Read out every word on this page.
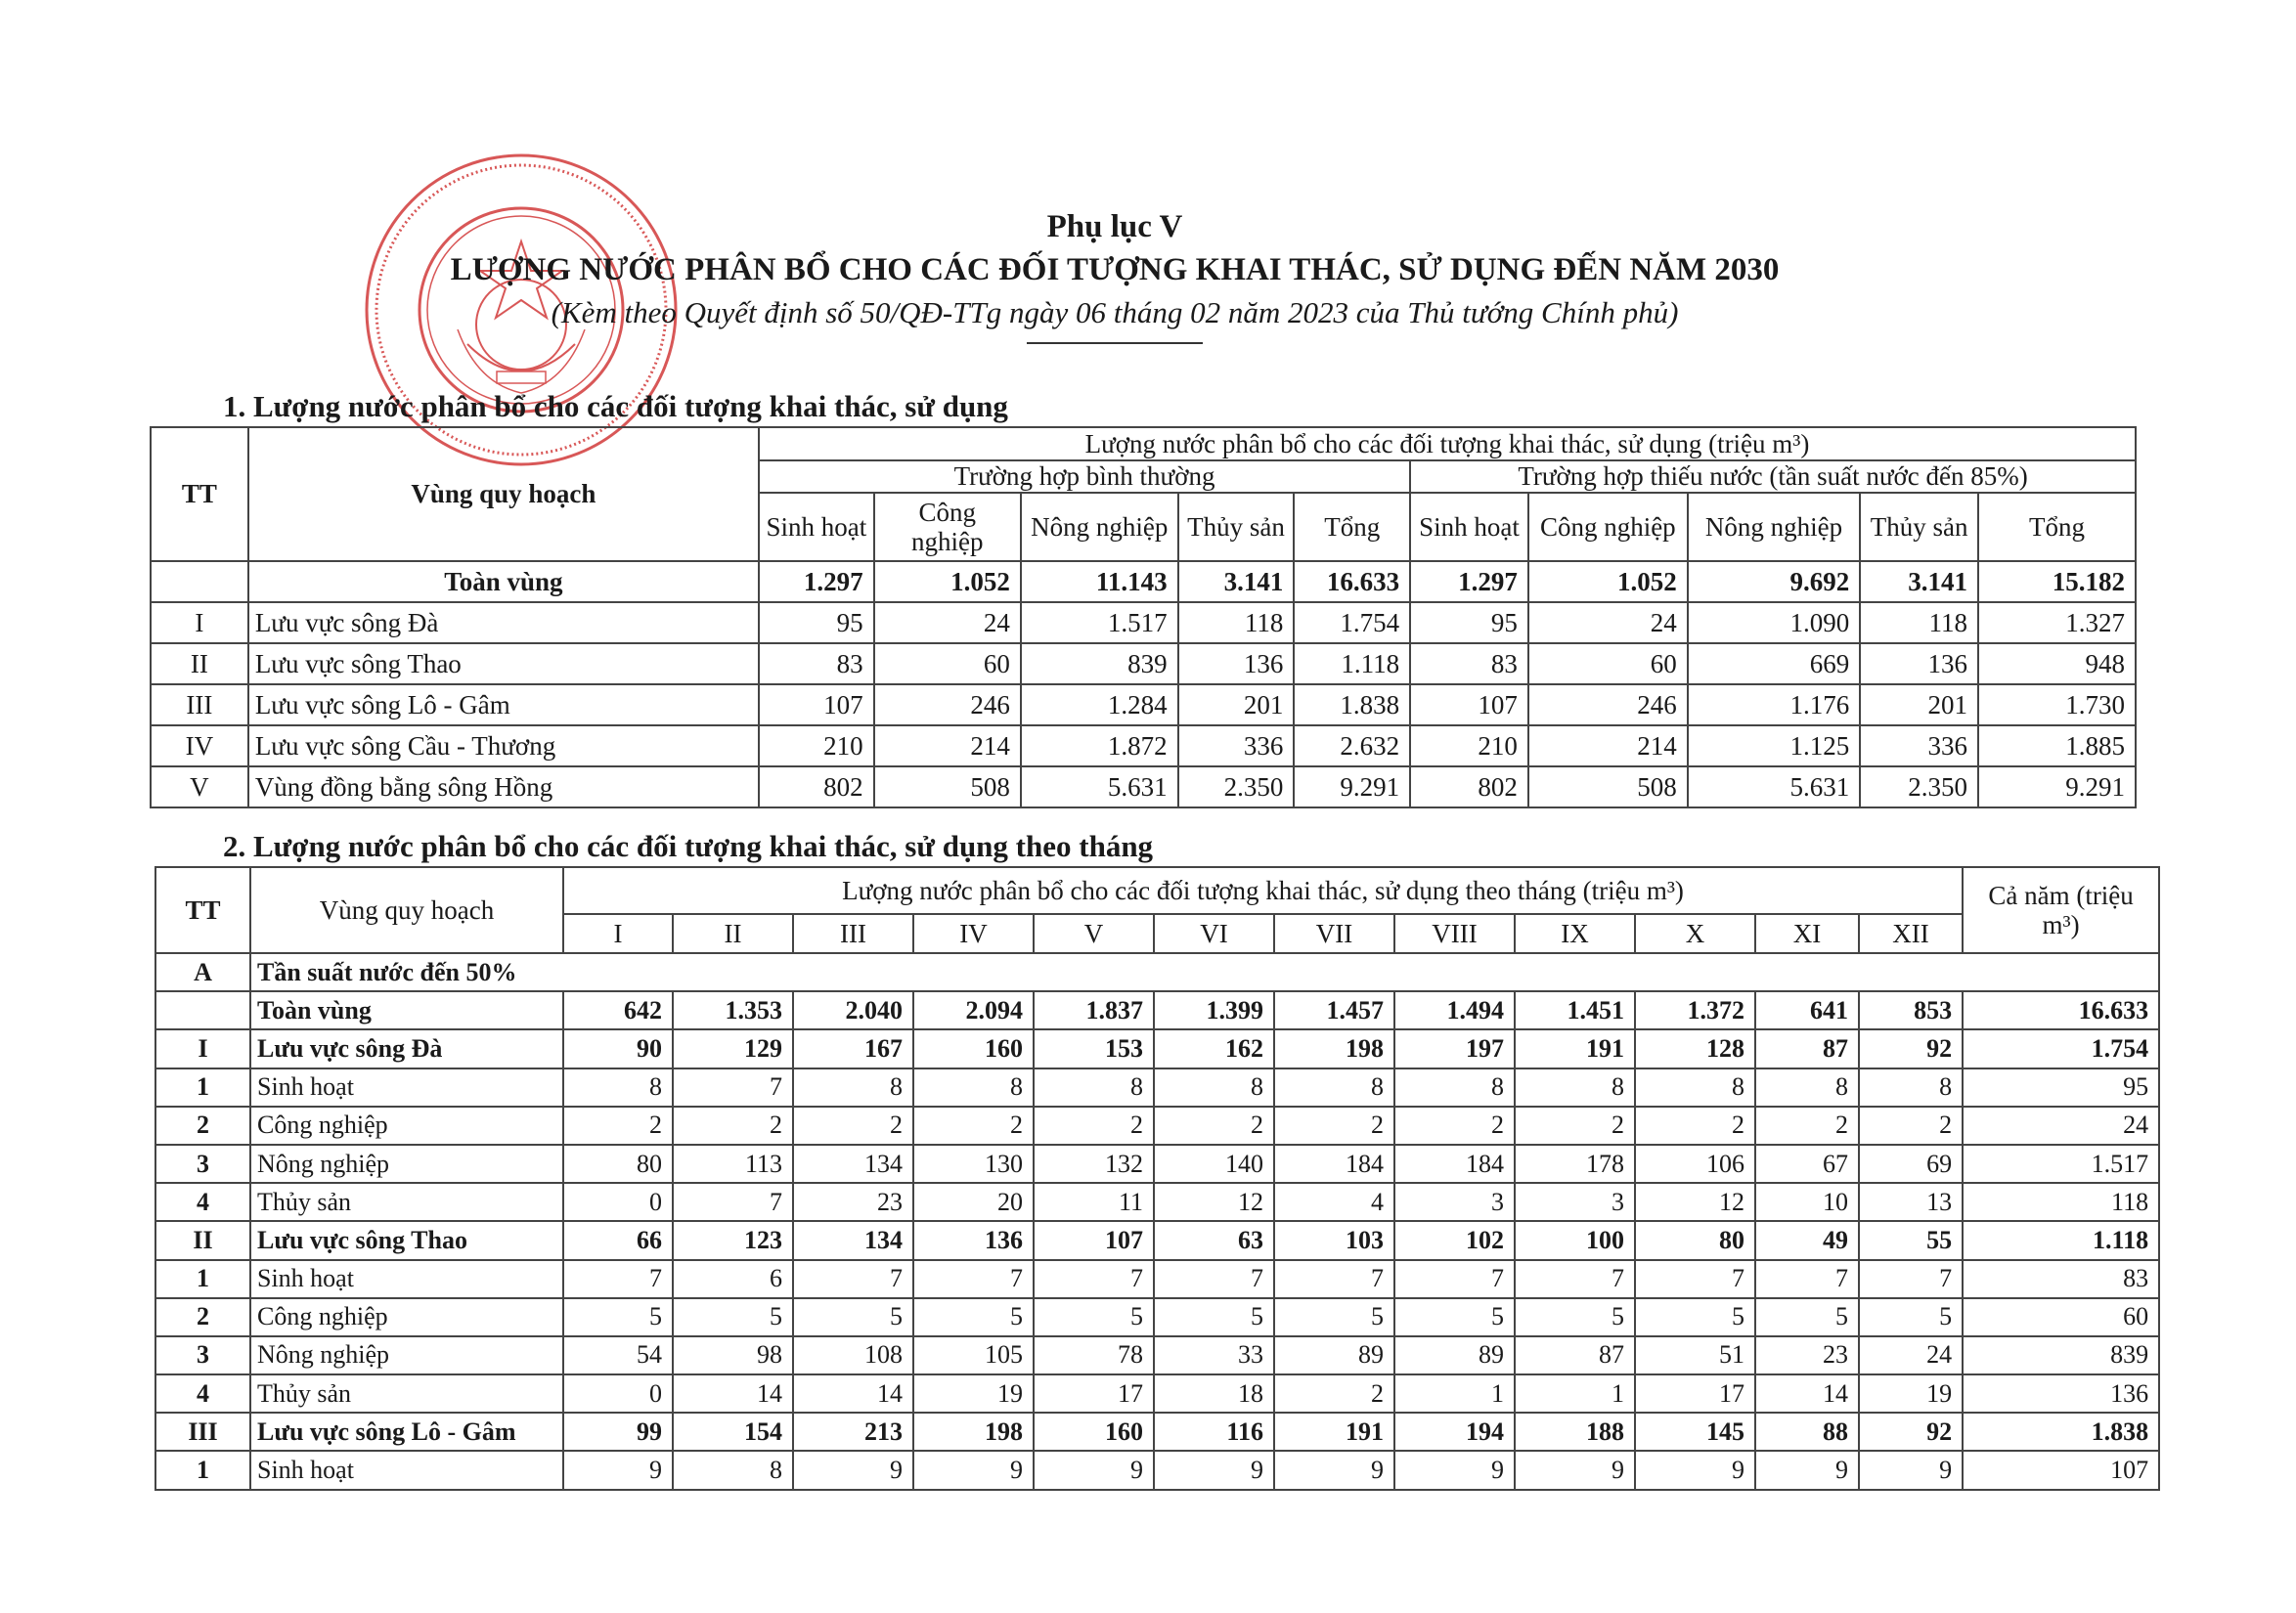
Phụ lục V
LƯỢNG NƯỚC PHÂN BỔ CHO CÁC ĐỐI TƯỢNG KHAI THÁC, SỬ DỤNG ĐẾN NĂM 2030
(Kèm theo Quyết định số 50/QĐ-TTg ngày 06 tháng 02 năm 2023 của Thủ tướng Chính phủ)
1. Lượng nước phân bổ cho các đối tượng khai thác, sử dụng
TT	Vùng quy hoạch	Lượng nước phân bổ cho các đối tượng khai thác, sử dụng (triệu m³)									
		Trường hợp bình thường					Trường hợp thiếu nước (tần suất nước đến 85%)				
		Sinh hoạt	Công nghiệp	Nông nghiệp	Thủy sản	Tổng	Sinh hoạt	Công nghiệp	Nông nghiệp	Thủy sản	Tổng
	Toàn vùng	1.297	1.052	11.143	3.141	16.633	1.297	1.052	9.692	3.141	15.182
I	Lưu vực sông Đà	95	24	1.517	118	1.754	95	24	1.090	118	1.327
II	Lưu vực sông Thao	83	60	839	136	1.118	83	60	669	136	948
III	Lưu vực sông Lô - Gâm	107	246	1.284	201	1.838	107	246	1.176	201	1.730
IV	Lưu vực sông Cầu - Thương	210	214	1.872	336	2.632	210	214	1.125	336	1.885
V	Vùng đồng bằng sông Hồng	802	508	5.631	2.350	9.291	802	508	5.631	2.350	9.291
2. Lượng nước phân bổ cho các đối tượng khai thác, sử dụng theo tháng
TT	Vùng quy hoạch	Lượng nước phân bổ cho các đối tượng khai thác, sử dụng theo tháng (triệu m³)												Cả năm (triệu m³)
		I	II	III	IV	V	VI	VII	VIII	IX	X	XI	XII	
A	Tần suất nước đến 50%													
	Toàn vùng	642	1.353	2.040	2.094	1.837	1.399	1.457	1.494	1.451	1.372	641	853	16.633
I	Lưu vực sông Đà	90	129	167	160	153	162	198	197	191	128	87	92	1.754
1	Sinh hoạt	8	7	8	8	8	8	8	8	8	8	8	8	95
2	Công nghiệp	2	2	2	2	2	2	2	2	2	2	2	2	24
3	Nông nghiệp	80	113	134	130	132	140	184	184	178	106	67	69	1.517
4	Thủy sản	0	7	23	20	11	12	4	3	3	12	10	13	118
II	Lưu vực sông Thao	66	123	134	136	107	63	103	102	100	80	49	55	1.118
1	Sinh hoạt	7	6	7	7	7	7	7	7	7	7	7	7	83
2	Công nghiệp	5	5	5	5	5	5	5	5	5	5	5	5	60
3	Nông nghiệp	54	98	108	105	78	33	89	89	87	51	23	24	839
4	Thủy sản	0	14	14	19	17	18	2	1	1	17	14	19	136
III	Lưu vực sông Lô - Gâm	99	154	213	198	160	116	191	194	188	145	88	92	1.838
1	Sinh hoạt	9	8	9	9	9	9	9	9	9	9	9	9	107
